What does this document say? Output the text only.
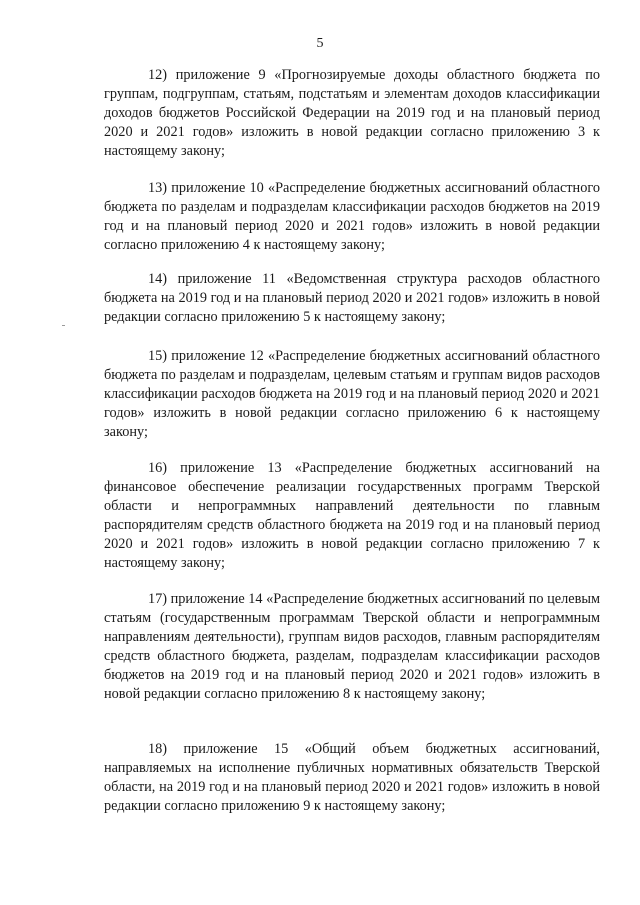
5

12) приложение 9 «Прогнозируемые доходы областного бюджета по группам, подгруппам, статьям, подстатьям и элементам доходов классификации доходов бюджетов Российской Федерации на 2019 год и на плановый период 2020 и 2021 годов» изложить в новой редакции согласно приложению 3 к настоящему закону;

13) приложение 10 «Распределение бюджетных ассигнований областного бюджета по разделам и подразделам классификации расходов бюджетов на 2019 год и на плановый период 2020 и 2021 годов» изложить в новой редакции согласно приложению 4 к настоящему закону;

14) приложение 11 «Ведомственная структура расходов областного бюджета на 2019 год и на плановый период 2020 и 2021 годов» изложить в новой редакции согласно приложению 5 к настоящему закону;

15) приложение 12 «Распределение бюджетных ассигнований областного бюджета по разделам и подразделам, целевым статьям и группам видов расходов классификации расходов бюджета на 2019 год и на плановый период 2020 и 2021 годов» изложить в новой редакции согласно приложению 6 к настоящему закону;

16) приложение 13 «Распределение бюджетных ассигнований на финансовое обеспечение реализации государственных программ Тверской области и непрограммных направлений деятельности по главным распорядителям средств областного бюджета на 2019 год и на плановый период 2020 и 2021 годов» изложить в новой редакции согласно приложению 7 к настоящему закону;

17) приложение 14 «Распределение бюджетных ассигнований по целевым статьям (государственным программам Тверской области и непрограммным направлениям деятельности), группам видов расходов, главным распорядителям средств областного бюджета, разделам, подразделам классификации расходов бюджетов на 2019 год и на плановый период 2020 и 2021 годов» изложить в новой редакции согласно приложению 8 к настоящему закону;

18) приложение 15 «Общий объем бюджетных ассигнований, направляемых на исполнение публичных нормативных обязательств Тверской области, на 2019 год и на плановый период 2020 и 2021 годов» изложить в новой редакции согласно приложению 9 к настоящему закону;
